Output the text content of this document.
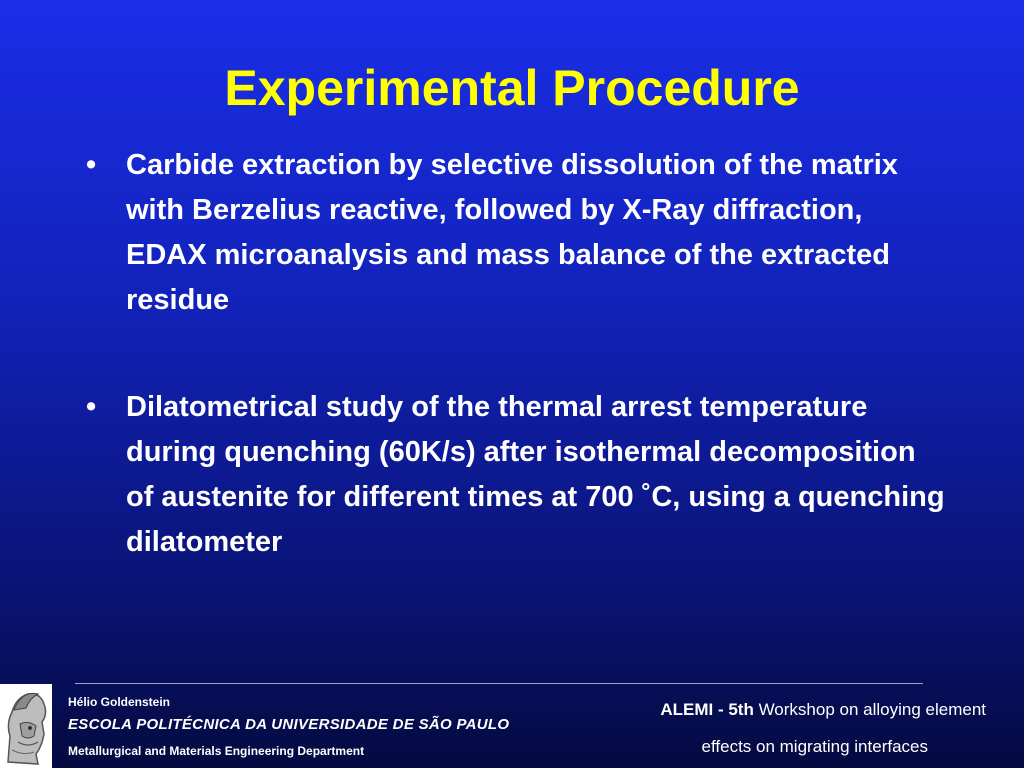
Experimental Procedure
• Carbide extraction by selective dissolution of the matrix with Berzelius reactive, followed by X-Ray diffraction, EDAX microanalysis and mass balance of the extracted residue
• Dilatometrical study of the thermal arrest temperature during quenching (60K/s) after isothermal decomposition of austenite for different times at 700 ˚C, using a quenching dilatometer
Hélio Goldenstein
ESCOLA POLITÉCNICA DA UNIVERSIDADE DE SÃO PAULO
Metallurgical and Materials Engineering Department
ALEMI - 5th Workshop on alloying element
effects on migrating interfaces
